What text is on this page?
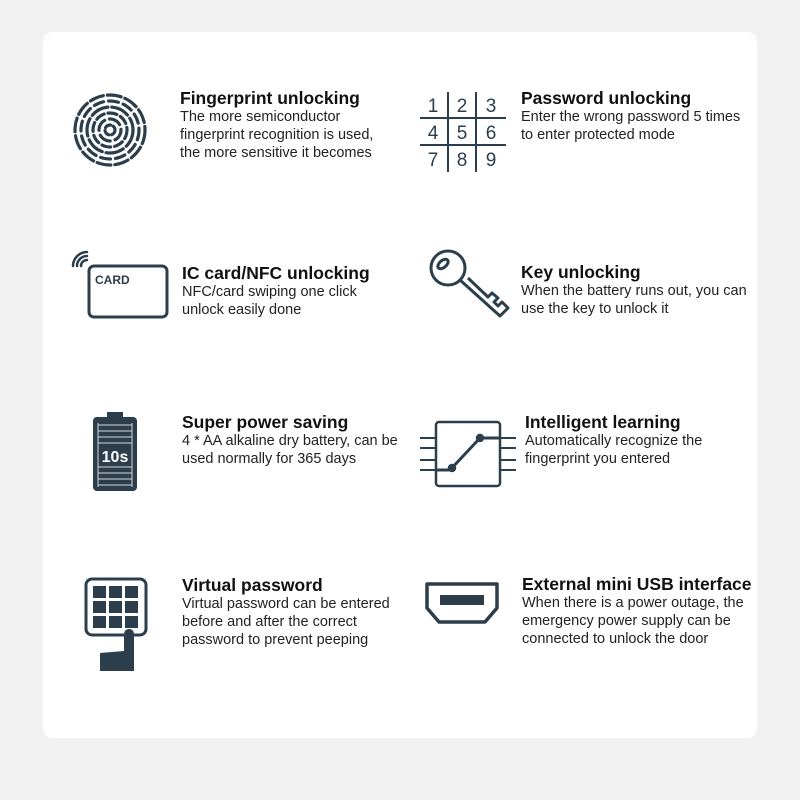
Fingerprint unlocking
The more semiconductor fingerprint recognition is used, the more sensitive it becomes
1 2 3
4 5 6
7 8 9
Password unlocking
Enter the wrong password 5 times to enter protected mode
CARD	IC card/NFC unlocking
NFC/card swiping one click unlock easily done
Key unlocking
When the battery runs out, you can use the key to unlock it
10s
Super power saving
4 * AA alkaline dry battery, can be used normally for 365 days
Intelligent learning
Automatically recognize the fingerprint you entered
Virtual password
Virtual password can be entered before and after the correct password to prevent peeping
External mini USB interface
When there is a power outage, the emergency power supply can be connected to unlock the door
